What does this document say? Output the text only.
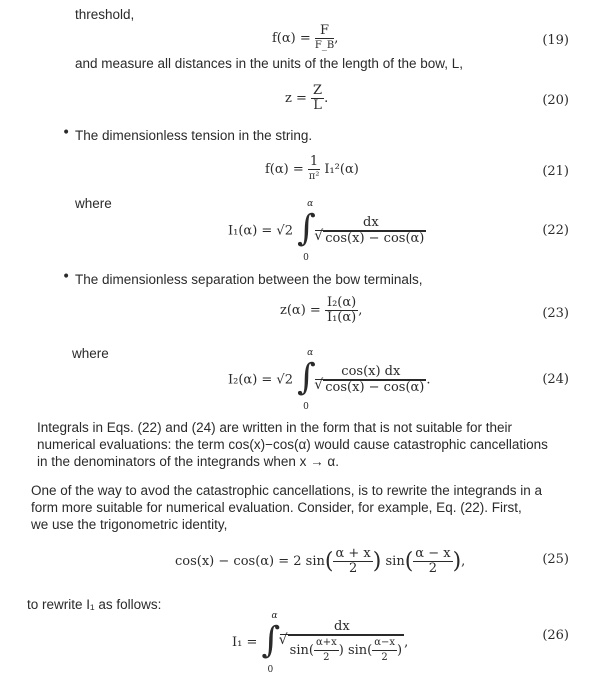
threshold,
$f(\alpha) = \frac{F}{F\_B}$ ,	(19)
and measure all distances in the units of the length of the bow, L,
$z = \frac{Z}{L}$ .	(20)
• The dimensionless tension in the string.
$f(\alpha) = \frac{1}{\text{π²}} I_1^2(\alpha)$	(21)
where
I₁(α) = √2 ∫
α
0

dx
√ cos(x) − cos(α)	(22)
• The dimensionless separation between the bow terminals,
$z(\alpha) = \frac{\text{I₂(α)}}{\text{I₁(α)}}$ ,	(23)
where
I₂(α) = √2 ∫
α
0

cos(x) dx
√ cos(x) − cos(α) .	(24)
Integrals in Eqs. (22) and (24) are written in the form that is not suitable for their
numerical evaluations: the term cos(x)−cos(α) would cause catastrophic cancellations
in the denominators of the integrands when x → α.
One of the way to avod the catastrophic cancellations, is to rewrite the integrands in a
form more suitable for numerical evaluation. Consider, for example, Eq. (22). First,
we use the trigonometric identity,
cos(x) − cos(α) = 2 $\sin( \frac{\alpha + x}{2}$ ) $\sin( \frac{\alpha - x}{2}$ ),	(25)
to rewrite I₁ as follows:
I₁ = ∫
α
0

dx
√ $\sin( \frac{\alpha+x}{2}$ ) $\sin( \frac{\alpha-x}{2}$ ) ,	(26)
